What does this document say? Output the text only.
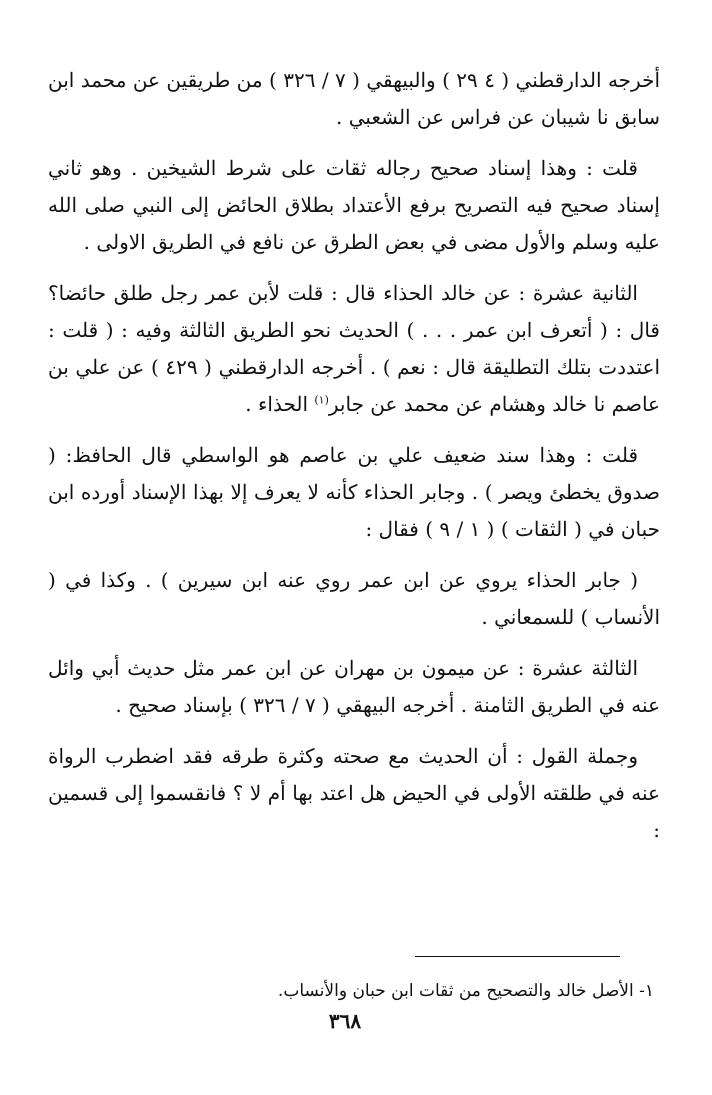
أخرجه الدارقطني ( ٤ ٢٩ ) والبيهقي ( ٧ / ٣٢٦ ) من طريقين عن محمد ابن سابق نا شيبان عن فراس عن الشعبي .

قلت : وهذا إسناد صحيح رجاله ثقات على شرط الشيخين . وهو ثاني إسناد صحيح فيه التصريح برفع الأعتداد بطلاق الحائض إلى النبي صلى الله عليه وسلم والأول مضى في بعض الطرق عن نافع في الطريق الاولى .

الثانية عشرة : عن خالد الحذاء قال : قلت لأبن عمر رجل طلق حائضا؟ قال : ( أتعرف ابن عمر . . . ) الحديث نحو الطريق الثالثة وفيه : ( قلت : اعتددت بتلك التطليقة قال : نعم ) . أخرجه الدارقطني ( ٤٢٩ ) عن علي بن عاصم نا خالد وهشام عن محمد عن جابر$^{(١)}$ الحذاء .

قلت : وهذا سند ضعيف علي بن عاصم هو الواسطي قال الحافظ: ( صدوق يخطئ ويصر ) . وجابر الحذاء كأنه لا يعرف إلا بهذا الإسناد أورده ابن حبان في ( الثقات ) ( ١ / ٩ ) فقال :

( جابر الحذاء يروي عن ابن عمر روي عنه ابن سيرين ) . وكذا في ( الأنساب ) للسمعاني .

الثالثة عشرة : عن ميمون بن مهران عن ابن عمر مثل حديث أبي وائل عنه في الطريق الثامنة . أخرجه البيهقي ( ٧ / ٣٢٦ ) بإسناد صحيح .

وجملة القول : أن الحديث مع صحته وكثرة طرقه فقد اضطرب الرواة عنه في طلقته الأولى في الحيض هل اعتد بها أم لا ؟ فانقسموا إلى قسمين :

١- الأصل خالد والتصحيح من ثقات ابن حبان والأنساب.
٣٦٨
